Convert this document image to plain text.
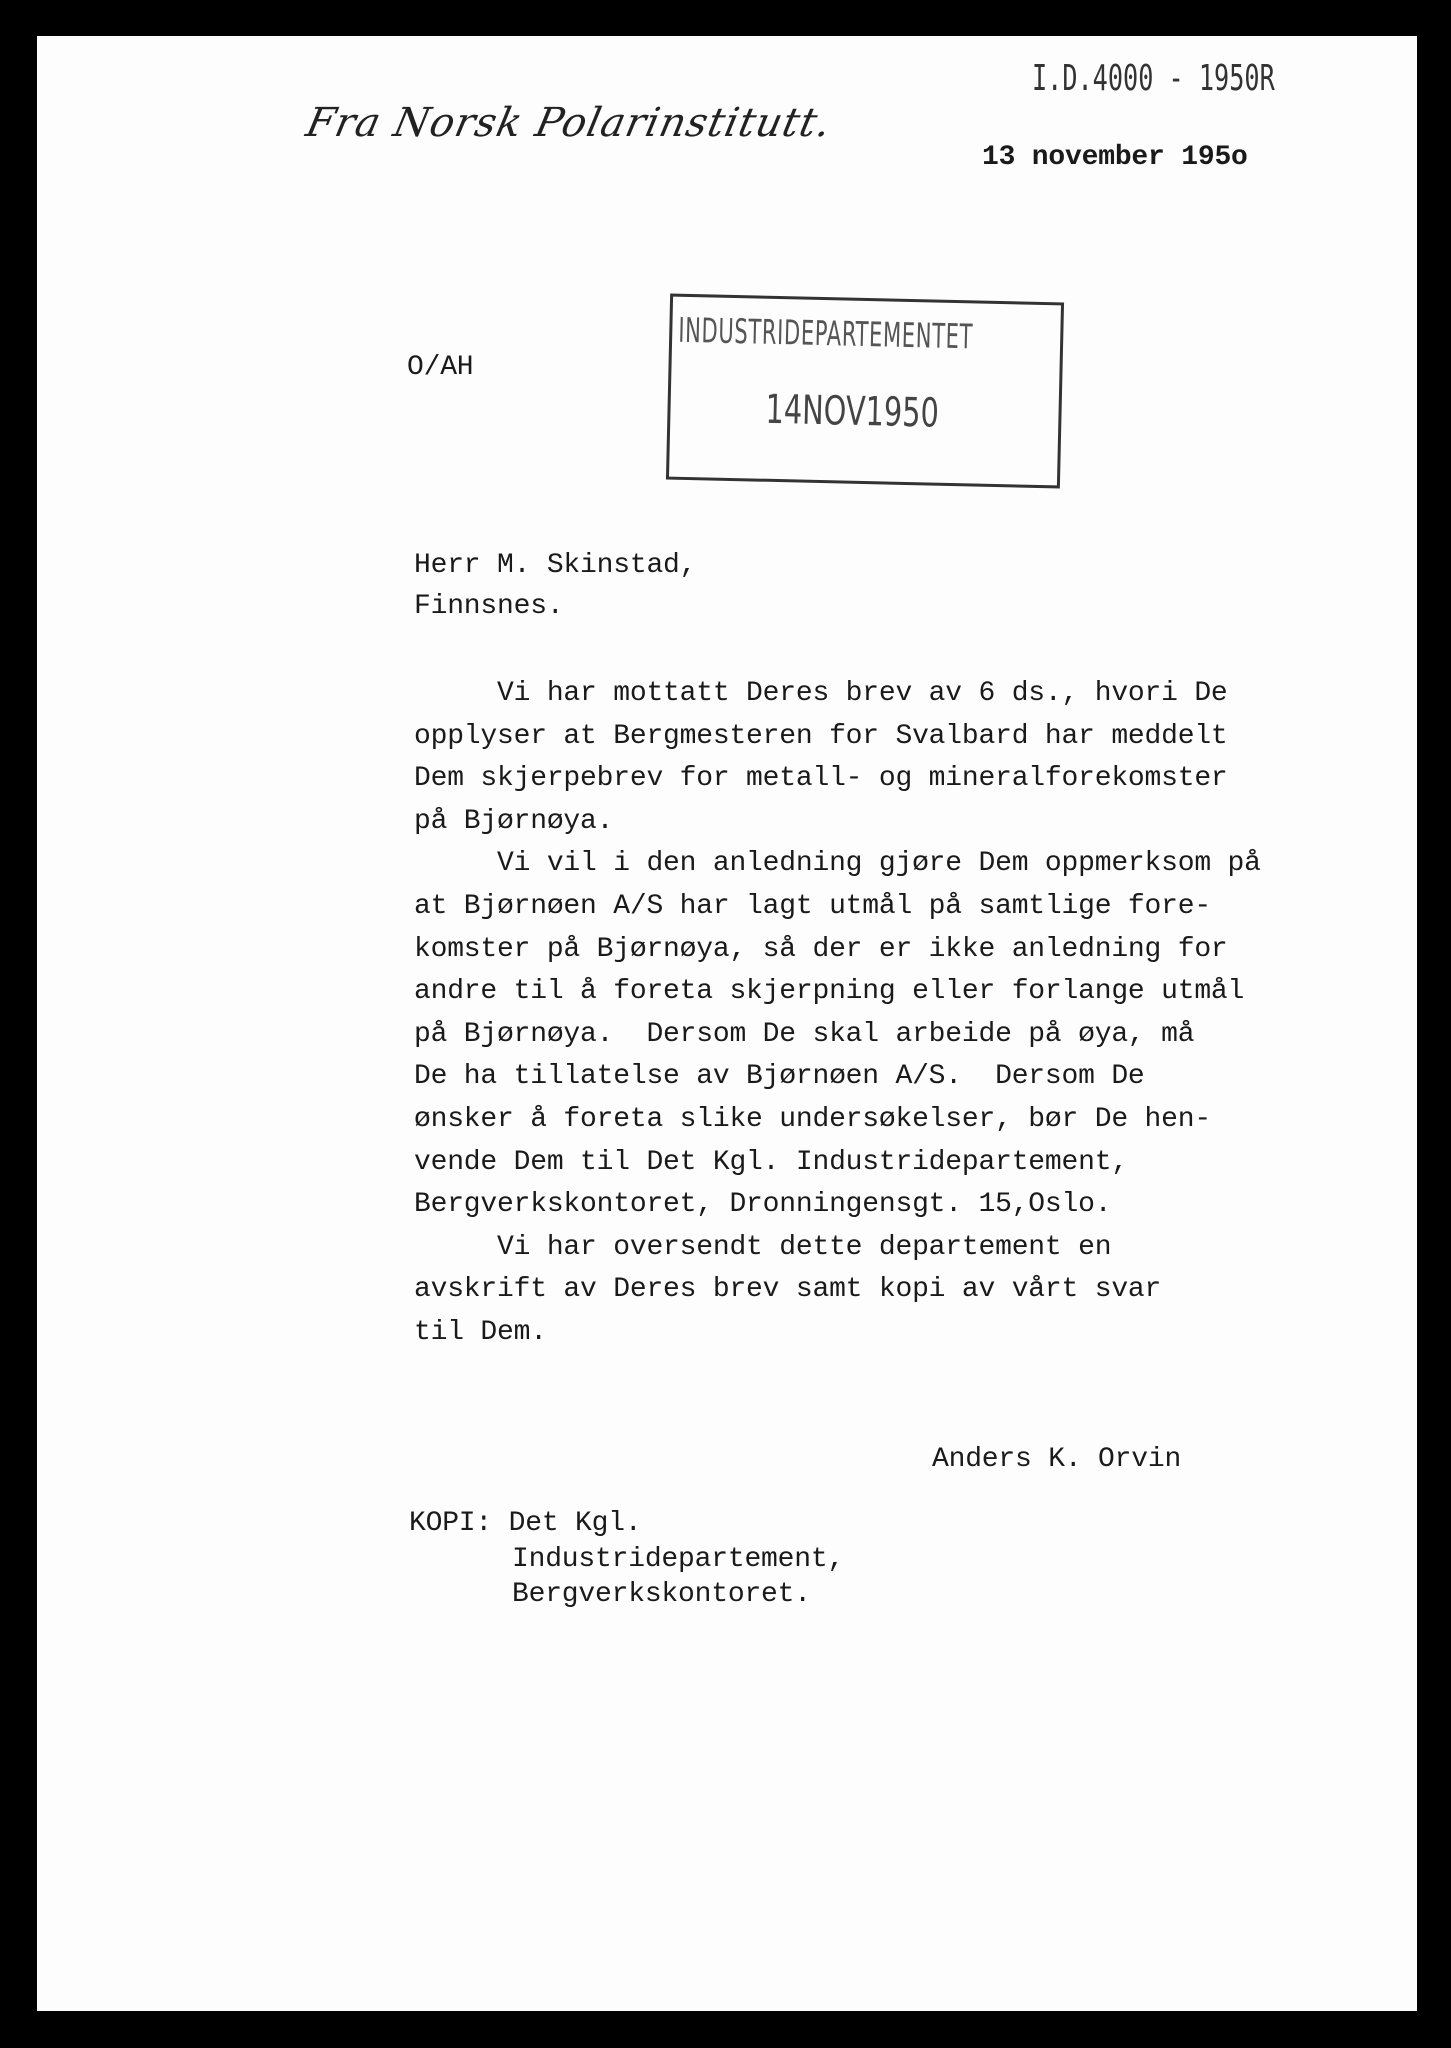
Fra Norsk Polarinstitutt.
I.D.4000 - 1950R
13 november 195o
O/AH
INDUSTRIDEPARTEMENTET
14NOV1950
Herr M. Skinstad,
Finnsnes.
Vi har mottatt Deres brev av 6 ds., hvori De
opplyser at Bergmesteren for Svalbard har meddelt
Dem skjerpebrev for metall- og mineralforekomster
på Bjørnøya.
Vi vil i den anledning gjøre Dem oppmerksom på
at Bjørnøen A/S har lagt utmål på samtlige fore-
komster på Bjørnøya, så der er ikke anledning for
andre til å foreta skjerpning eller forlange utmål
på Bjørnøya.  Dersom De skal arbeide på øya, må
De ha tillatelse av Bjørnøen A/S.  Dersom De
ønsker å foreta slike undersøkelser, bør De hen-
vende Dem til Det Kgl. Industridepartement,
Bergverkskontoret, Dronningensgt. 15,Oslo.
Vi har oversendt dette departement en
avskrift av Deres brev samt kopi av vårt svar
til Dem.
Anders K. Orvin
KOPI: Det Kgl.
Industridepartement,
Bergverkskontoret.
